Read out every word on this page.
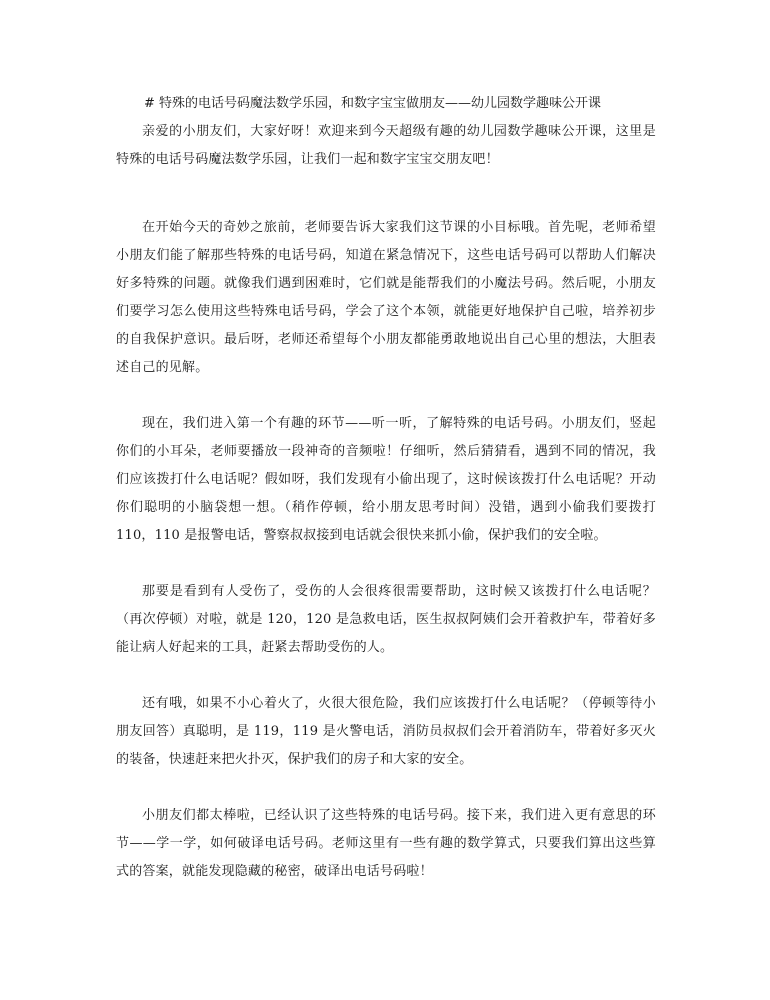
# 特殊的电话号码魔法数学乐园，和数字宝宝做朋友——幼儿园数学趣味公开课

亲爱的小朋友们，大家好呀！欢迎来到今天超级有趣的幼儿园数学趣味公开课，这里是特殊的电话号码魔法数学乐园，让我们一起和数字宝宝交朋友吧！

在开始今天的奇妙之旅前，老师要告诉大家我们这节课的小目标哦。首先呢，老师希望小朋友们能了解那些特殊的电话号码，知道在紧急情况下，这些电话号码可以帮助人们解决好多特殊的问题。就像我们遇到困难时，它们就是能帮我们的小魔法号码。然后呢，小朋友们要学习怎么使用这些特殊电话号码，学会了这个本领，就能更好地保护自己啦，培养初步的自我保护意识。最后呀，老师还希望每个小朋友都能勇敢地说出自己心里的想法，大胆表述自己的见解。

现在，我们进入第一个有趣的环节——听一听，了解特殊的电话号码。小朋友们，竖起你们的小耳朵，老师要播放一段神奇的音频啦！仔细听，然后猜猜看，遇到不同的情况，我们应该拨打什么电话呢？假如呀，我们发现有小偷出现了，这时候该拨打什么电话呢？开动你们聪明的小脑袋想一想。（稍作停顿，给小朋友思考时间）没错，遇到小偷我们要拨打 110，110 是报警电话，警察叔叔接到电话就会很快来抓小偷，保护我们的安全啦。

那要是看到有人受伤了，受伤的人会很疼很需要帮助，这时候又该拨打什么电话呢？（再次停顿）对啦，就是 120，120 是急救电话，医生叔叔阿姨们会开着救护车，带着好多能让病人好起来的工具，赶紧去帮助受伤的人。

还有哦，如果不小心着火了，火很大很危险，我们应该拨打什么电话呢？（停顿等待小朋友回答）真聪明，是 119，119 是火警电话，消防员叔叔们会开着消防车，带着好多灭火的装备，快速赶来把火扑灭，保护我们的房子和大家的安全。

小朋友们都太棒啦，已经认识了这些特殊的电话号码。接下来，我们进入更有意思的环节——学一学，如何破译电话号码。老师这里有一些有趣的数学算式，只要我们算出这些算式的答案，就能发现隐藏的秘密，破译出电话号码啦！
